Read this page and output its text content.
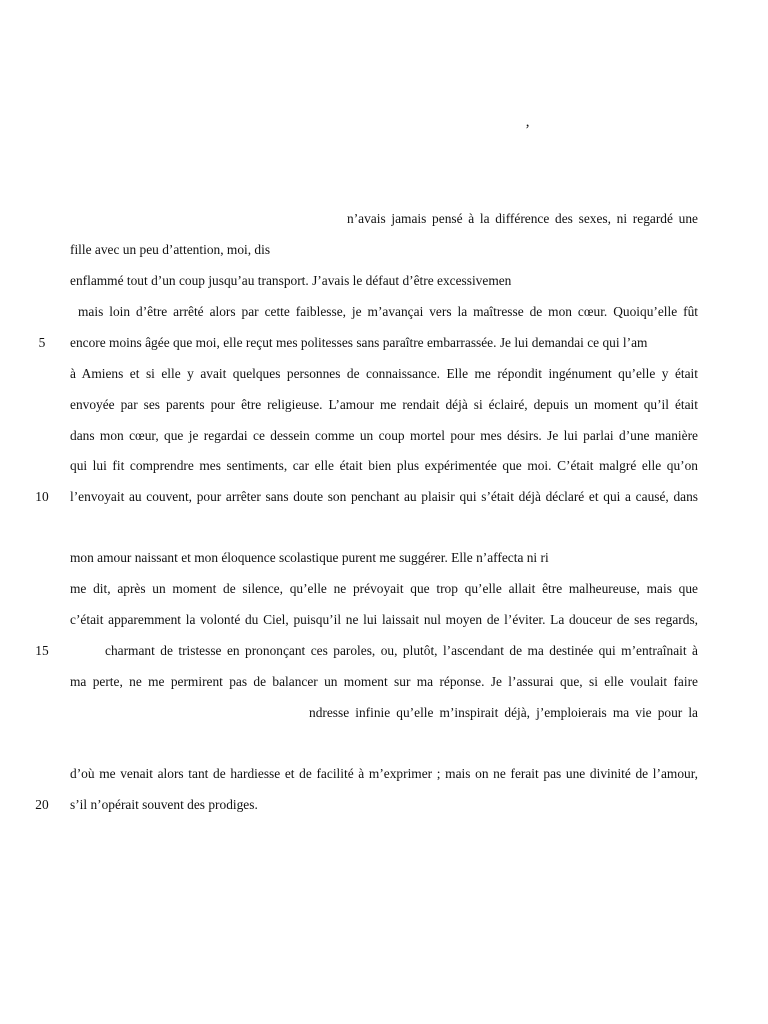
’
n’avais jamais pensé à la différence des sexes, ni regardé une
fille avec un peu d’attention, moi, dis
enflammé tout d’un coup jusqu’au transport. J’avais le défaut d’être excessivemen
mais loin d’être arrêté alors par cette faiblesse, je m’avançai vers la maîtresse de mon cœur. Quoiqu’elle fût
5	encore moins âgée que moi, elle reçut mes politesses sans paraître embarrassée. Je lui demandai ce qui l’am
à Amiens et si elle y avait quelques personnes de connaissance. Elle me répondit ingénument qu’elle y était
envoyée par ses parents pour être religieuse. L’amour me rendait déjà si éclairé, depuis un moment qu’il était
dans mon cœur, que je regardai ce dessein comme un coup mortel pour mes désirs. Je lui parlai d’une manière
qui lui fit comprendre mes sentiments, car elle était bien plus expérimentée que moi. C’était malgré elle qu’on
10	l’envoyait au couvent, pour arrêter sans doute son penchant au plaisir qui s’était déjà déclaré et qui a causé, dans
mon amour naissant et mon éloquence scolastique purent me suggérer. Elle n’affecta ni ri
me dit, après un moment de silence, qu’elle ne prévoyait que trop qu’elle allait être malheureuse, mais que
c’était apparemment la volonté du Ciel, puisqu’il ne lui laissait nul moyen de l’éviter. La douceur de ses regards,
15	charmant de tristesse en prononçant ces paroles, ou, plutôt, l’ascendant de ma destinée qui m’entraînait à
ma perte, ne me permirent pas de balancer un moment sur ma réponse. Je l’assurai que, si elle voulait faire
ndresse infinie qu’elle m’inspirait déjà, j’emploierais ma vie pour la
d’où me venait alors tant de hardiesse et de facilité à m’exprimer ; mais on ne ferait pas une divinité de l’amour,
20	s’il n’opérait souvent des prodiges.
